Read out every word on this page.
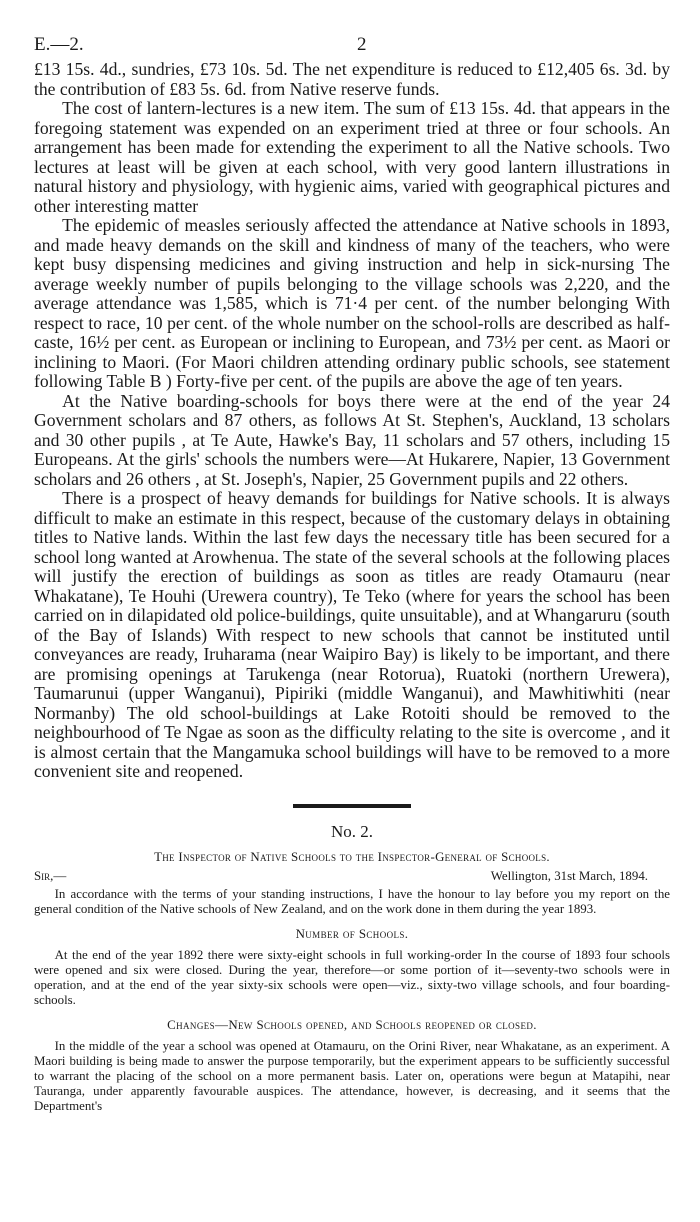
E.—2.	2

£13 15s. 4d., sundries, £73 10s. 5d. The net expenditure is reduced to £12,405 6s. 3d. by the contribution of £83 5s. 6d. from Native reserve funds.

The cost of lantern-lectures is a new item. The sum of £13 15s. 4d. that appears in the foregoing statement was expended on an experiment tried at three or four schools. An arrangement has been made for extending the experiment to all the Native schools. Two lectures at least will be given at each school, with very good lantern illustrations in natural history and physiology, with hygienic aims, varied with geographical pictures and other interesting matter

The epidemic of measles seriously affected the attendance at Native schools in 1893, and made heavy demands on the skill and kindness of many of the teachers, who were kept busy dispensing medicines and giving instruction and help in sick-nursing The average weekly number of pupils belonging to the village schools was 2,220, and the average attendance was 1,585, which is 71·4 per cent. of the number belonging With respect to race, 10 per cent. of the whole number on the school-rolls are described as half-caste, 16½ per cent. as European or inclining to European, and 73½ per cent. as Maori or inclining to Maori. (For Maori children attending ordinary public schools, see statement following Table B ) Forty-five per cent. of the pupils are above the age of ten years.

At the Native boarding-schools for boys there were at the end of the year 24 Government scholars and 87 others, as follows At St. Stephen's, Auckland, 13 scholars and 30 other pupils , at Te Aute, Hawke's Bay, 11 scholars and 57 others, including 15 Europeans. At the girls' schools the numbers were—At Hukarere, Napier, 13 Government scholars and 26 others , at St. Joseph's, Napier, 25 Government pupils and 22 others.

There is a prospect of heavy demands for buildings for Native schools. It is always difficult to make an estimate in this respect, because of the customary delays in obtaining titles to Native lands. Within the last few days the necessary title has been secured for a school long wanted at Arowhenua. The state of the several schools at the following places will justify the erection of buildings as soon as titles are ready Otamauru (near Whakatane), Te Houhi (Urewera country), Te Teko (where for years the school has been carried on in dilapidated old police-buildings, quite unsuitable), and at Whangaruru (south of the Bay of Islands) With respect to new schools that cannot be instituted until conveyances are ready, Iruharama (near Waipiro Bay) is likely to be important, and there are promising openings at Tarukenga (near Rotorua), Ruatoki (northern Urewera), Taumarunui (upper Wanganui), Pipiriki (middle Wanganui), and Mawhitiwhiti (near Normanby) The old school-buildings at Lake Rotoiti should be removed to the neighbourhood of Te Ngae as soon as the difficulty relating to the site is overcome , and it is almost certain that the Mangamuka school buildings will have to be removed to a more convenient site and reopened.

No. 2.
The Inspector of Native Schools to the Inspector-General of Schools.
Sir,—	Wellington, 31st March, 1894.

In accordance with the terms of your standing instructions, I have the honour to lay before you my report on the general condition of the Native schools of New Zealand, and on the work done in them during the year 1893.

Number of Schools.

At the end of the year 1892 there were sixty-eight schools in full working-order In the course of 1893 four schools were opened and six were closed. During the year, therefore—or some portion of it—seventy-two schools were in operation, and at the end of the year sixty-six schools were open—viz., sixty-two village schools, and four boarding-schools.

Changes—New Schools opened, and Schools reopened or closed.

In the middle of the year a school was opened at Otamauru, on the Orini River, near Whakatane, as an experiment. A Maori building is being made to answer the purpose temporarily, but the experiment appears to be sufficiently successful to warrant the placing of the school on a more permanent basis. Later on, operations were begun at Matapihi, near Tauranga, under apparently favourable auspices. The attendance, however, is decreasing, and it seems that the Department's
